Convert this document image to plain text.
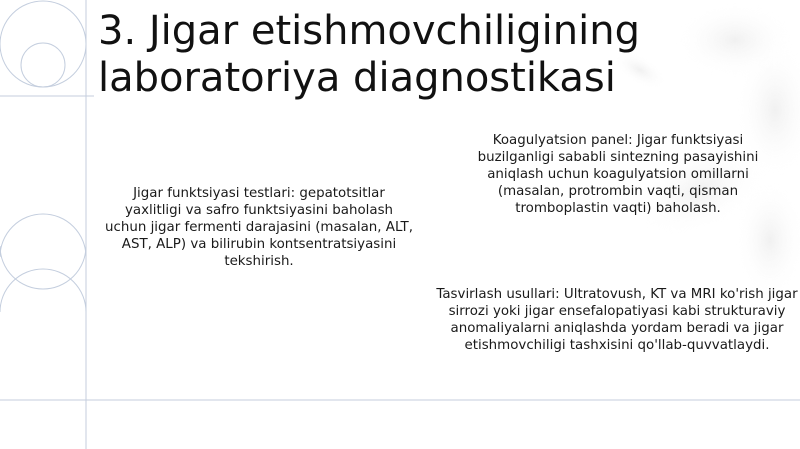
3. Jigar etishmovchiligining laboratoriya diagnostikasi
Jigar funktsiyasi testlari: gepatotsitlar yaxlitligi va safro funktsiyasini baholash uchun jigar fermenti darajasini (masalan, ALT, AST, ALP) va bilirubin kontsentratsiyasini tekshirish.
Koagulyatsion panel: Jigar funktsiyasi buzilganligi sababli sintezning pasayishini aniqlash uchun koagulyatsion omillarni (masalan, protrombin vaqti, qisman tromboplastin vaqti) baholash.
Tasvirlash usullari: Ultratovush, KT va MRI ko'rish jigar sirrozi yoki jigar ensefalopatiyasi kabi strukturaviy anomaliyalarni aniqlashda yordam beradi va jigar etishmovchiligi tashxisini qo'llab-quvvatlaydi.
